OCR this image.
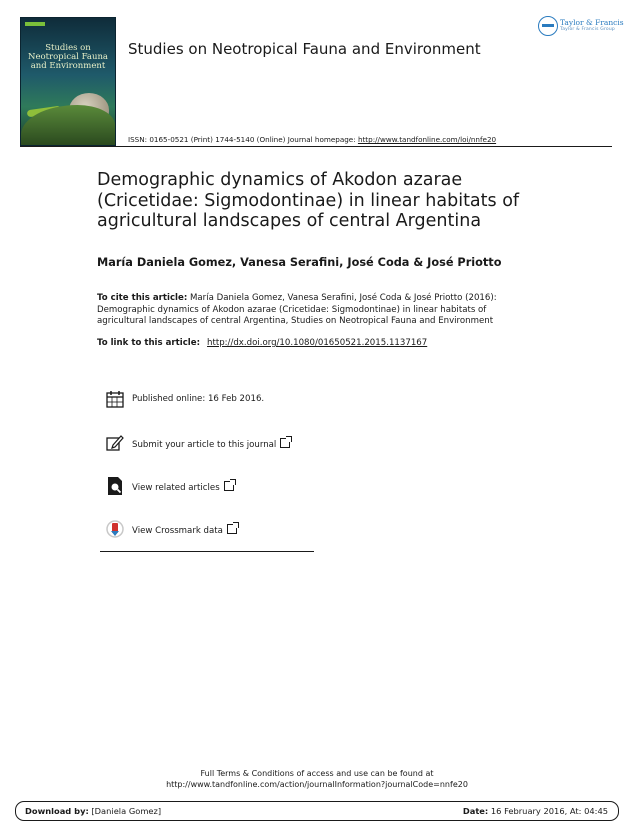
Studies on
Neotropical Fauna
and Environment
Studies on Neotropical Fauna and Environment
Taylor & Francis
Taylor & Francis Group
ISSN: 0165-0521 (Print) 1744-5140 (Online) Journal homepage: http://www.tandfonline.com/loi/nnfe20
Demographic dynamics of Akodon azarae (Cricetidae: Sigmodontinae) in linear habitats of agricultural landscapes of central Argentina
María Daniela Gomez, Vanesa Serafini, José Coda & José Priotto
To cite this article: María Daniela Gomez, Vanesa Serafini, José Coda & José Priotto (2016): Demographic dynamics of Akodon azarae (Cricetidae: Sigmodontinae) in linear habitats of agricultural landscapes of central Argentina, Studies on Neotropical Fauna and Environment
To link to this article: http://dx.doi.org/10.1080/01650521.2015.1137167
Published online: 16 Feb 2016.
Submit your article to this journal
View related articles
View Crossmark data
Full Terms & Conditions of access and use can be found at
http://www.tandfonline.com/action/journalInformation?journalCode=nnfe20
Download by: [Daniela Gomez]	Date: 16 February 2016, At: 04:45
